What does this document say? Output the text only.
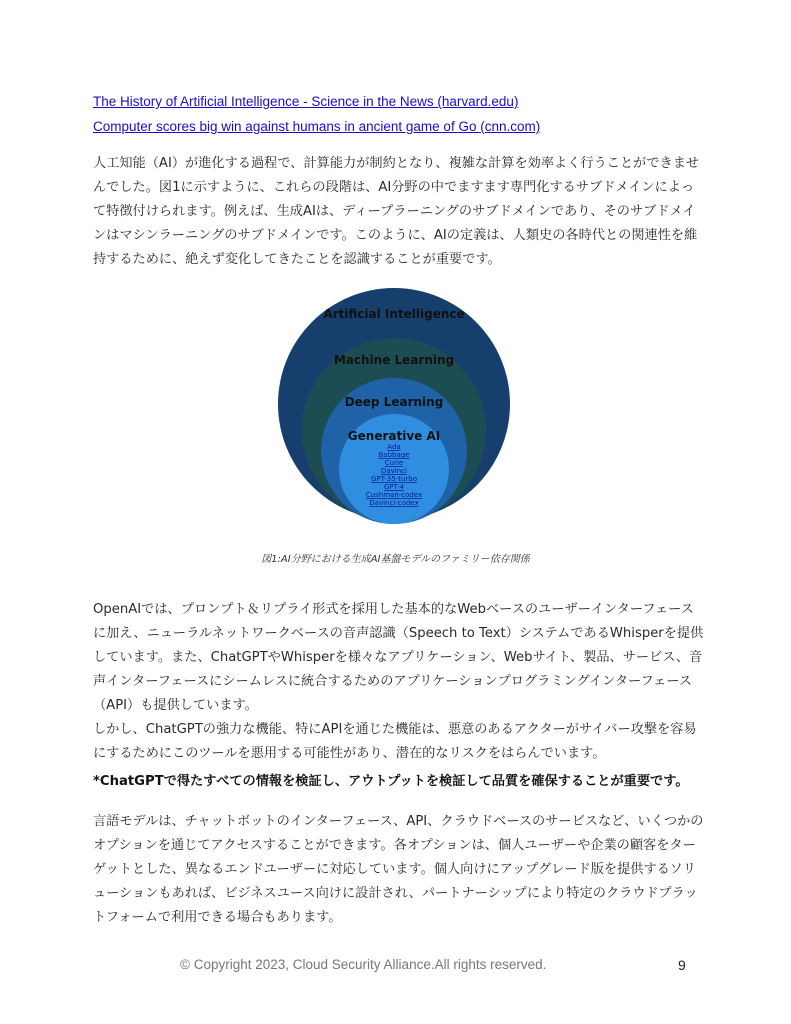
The History of Artificial Intelligence - Science in the News (harvard.edu)
Computer scores big win against humans in ancient game of Go (cnn.com)
人工知能（AI）が進化する過程で、計算能力が制約となり、複雑な計算を効率よく行うことができませんでした。図1に示すように、これらの段階は、AI分野の中でますます専門化するサブドメインによって特徴付けられます。例えば、生成AIは、ディープラーニングのサブドメインであり、そのサブドメインはマシンラーニングのサブドメインです。このように、AIの定義は、人類史の各時代との関連性を維持するために、絶えず変化してきたことを認識することが重要です。
Artificial Intelligence
Machine Learning
Deep Learning
Generative AI
Ada
Babbage
Curie
Davinci
GPT-35-turbo
GPT-4
Cushman-codex
Davinci-codex
図1:AI分野における生成AI基盤モデルのファミリー依存関係
OpenAIでは、プロンプト＆リプライ形式を採用した基本的なWebベースのユーザーインターフェースに加え、ニューラルネットワークベースの音声認識（Speech to Text）システムであるWhisperを提供しています。また、ChatGPTやWhisperを様々なアプリケーション、Webサイト、製品、サービス、音声インターフェースにシームレスに統合するためのアプリケーションプログラミングインターフェース（API）も提供しています。
しかし、ChatGPTの強力な機能、特にAPIを通じた機能は、悪意のあるアクターがサイバー攻撃を容易にするためにこのツールを悪用する可能性があり、潜在的なリスクをはらんでいます。
*ChatGPTで得たすべての情報を検証し、アウトプットを検証して品質を確保することが重要です。
言語モデルは、チャットボットのインターフェース、API、クラウドベースのサービスなど、いくつかのオプションを通じてアクセスすることができます。各オプションは、個人ユーザーや企業の顧客をターゲットとした、異なるエンドユーザーに対応しています。個人向けにアップグレード版を提供するソリューションもあれば、ビジネスユース向けに設計され、パートナーシップにより特定のクラウドプラットフォームで利用できる場合もあります。
© Copyright 2023, Cloud Security Alliance.All rights reserved.	9
